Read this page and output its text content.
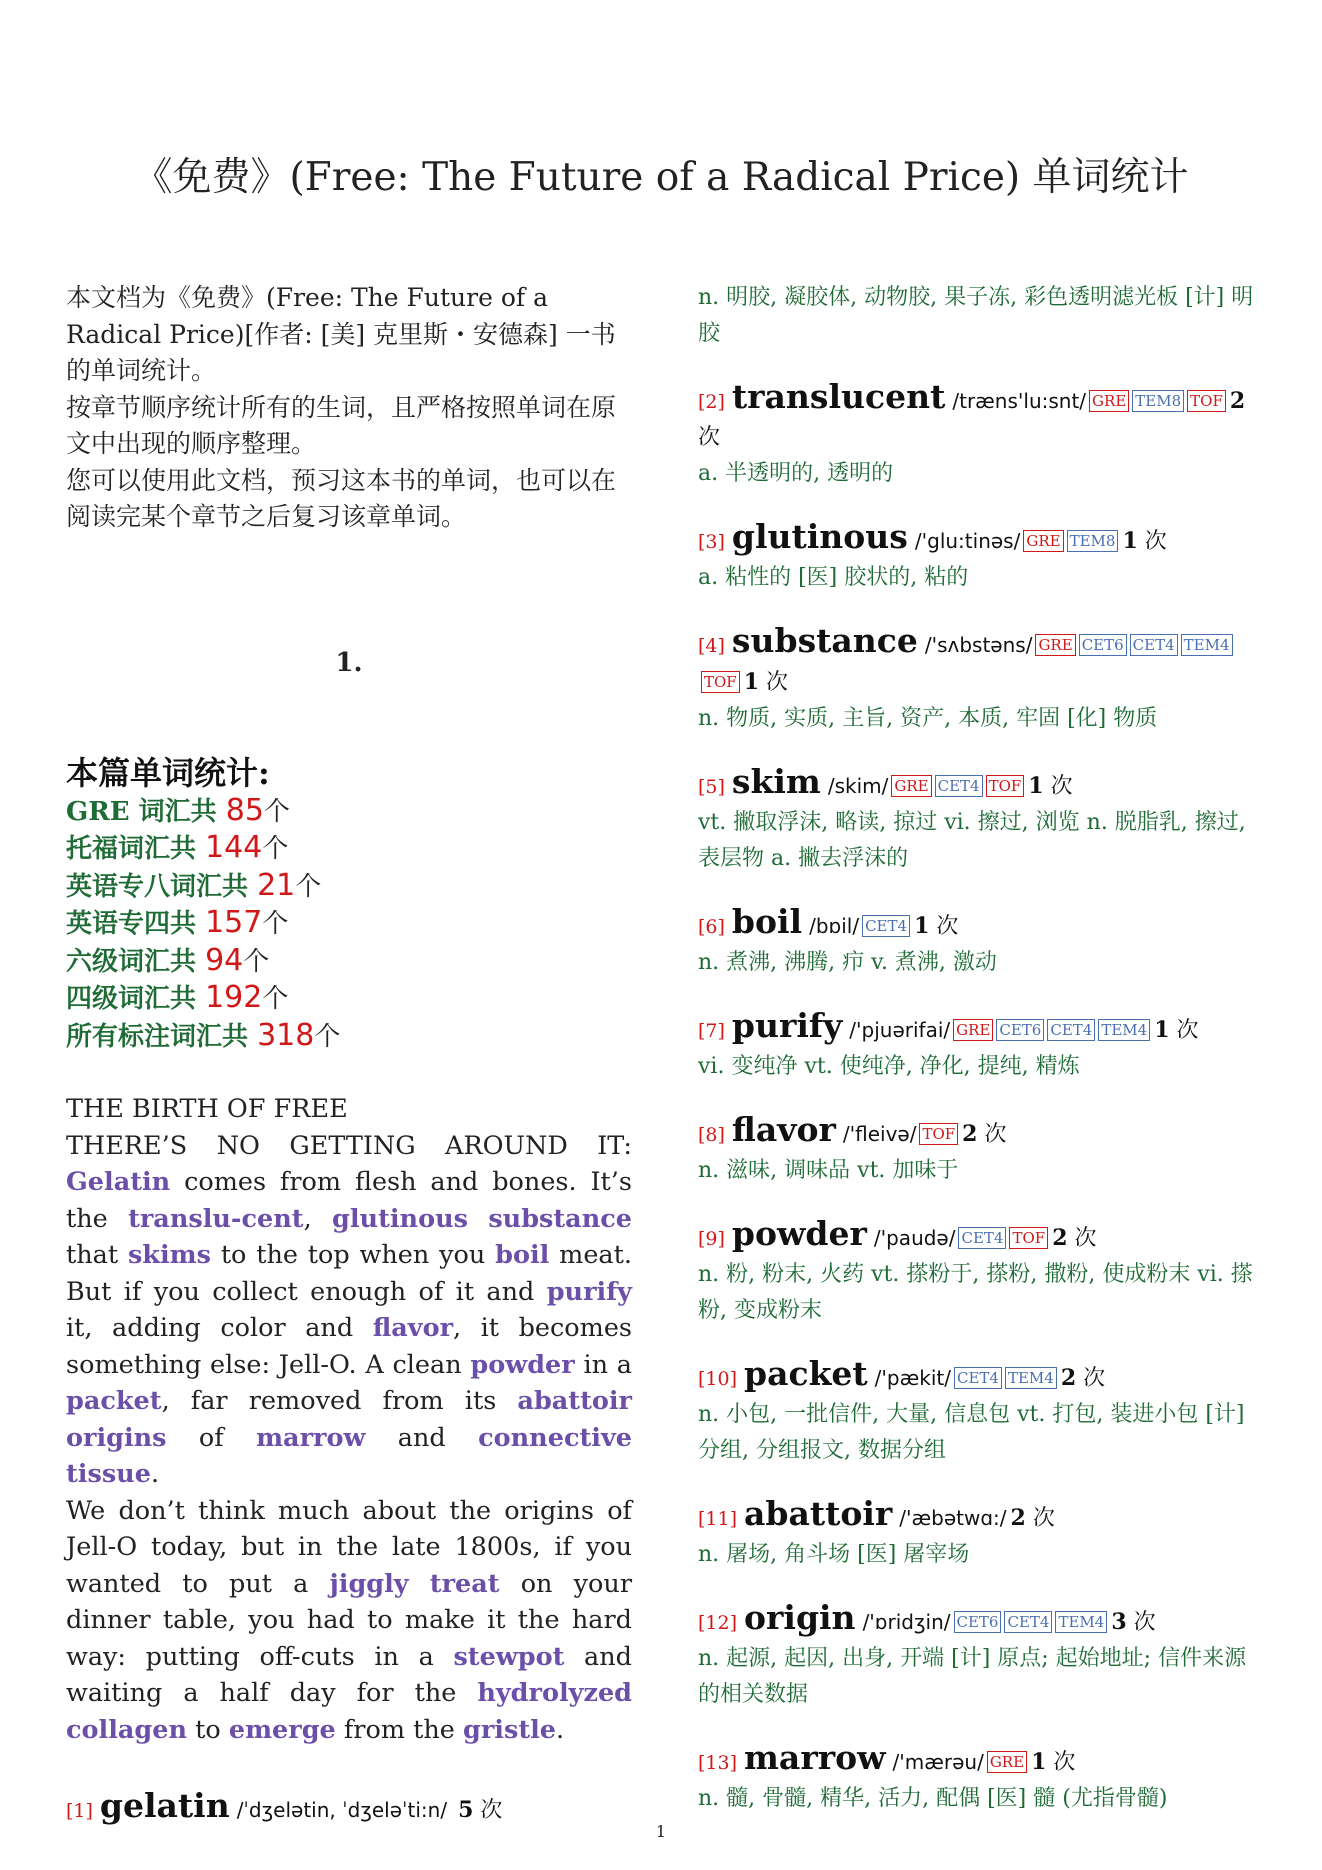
《免费》(Free: The Future of a Radical Price) 单词统计
本文档为《免费》(Free: The Future of a Radical Price)[作者: [美] 克里斯・安德森] 一书的单词统计。
按章节顺序统计所有的生词，且严格按照单词在原文中出现的顺序整理。
您可以使用此文档，预习这本书的单词，也可以在阅读完某个章节之后复习该章单词。
1.
本篇单词统计:
GRE 词汇共 85个
托福词汇共 144个
英语专八词汇共 21个
英语专四共 157个
六级词汇共 94个
四级词汇共 192个
所有标注词汇共 318个
THE BIRTH OF FREE

THERE’S NO GETTING AROUND IT: Gelatin comes from flesh and bones. It’s the translu-cent, glutinous substance that skims to the top when you boil meat. But if you collect enough of it and purify it, adding color and flavor, it becomes something else: Jell-O. A clean powder in a packet, far removed from its abattoir origins of marrow and connective tissue.

We don’t think much about the origins of Jell-O today, but in the late 1800s, if you wanted to put a jiggly treat on your dinner table, you had to make it the hard way: putting off-cuts in a stewpot and waiting a half day for the hydrolyzed collagen to emerge from the gristle.

[1] gelatin /ˈdʒelətin, ˈdʒeləˈti:n/ 5 次
n. 明胶, 凝胶体, 动物胶, 果子冻, 彩色透明滤光板 [计] 明胶
[2] translucent /træns'lu:snt/ GRE TEM8 TOF 2 次
a. 半透明的, 透明的
[3] glutinous /'glu:tinəs/ GRE TEM8 1 次
a. 粘性的 [医] 胶状的, 粘的
[4] substance /'sʌbstəns/ GRE CET6 CET4 TEM4TOF 1 次
n. 物质, 实质, 主旨, 资产, 本质, 牢固 [化] 物质
[5] skim /skim/ GRE CET4 TOF 1 次
vt. 撇取浮沫, 略读, 掠过 vi. 擦过, 浏览 n. 脱脂乳, 擦过, 表层物 a. 撇去浮沫的
[6] boil /bɒil/ CET4 1 次
n. 煮沸, 沸腾, 疖 v. 煮沸, 激动
[7] purify /'pjuərifai/ GRE CET6 CET4 TEM4 1 次
vi. 变纯净 vt. 使纯净, 净化, 提纯, 精炼
[8] flavor /'fleivə/ TOF 2 次
n. 滋味, 调味品 vt. 加味于
[9] powder /'paudə/ CET4 TOF 2 次
n. 粉, 粉末, 火药 vt. 搽粉于, 搽粉, 撒粉, 使成粉末 vi. 搽粉, 变成粉末
[10] packet /'pækit/ CET4 TEM4 2 次
n. 小包, 一批信件, 大量, 信息包 vt. 打包, 装进小包 [计] 分组, 分组报文, 数据分组
[11] abattoir /'æbətwɑ:/ 2 次
n. 屠场, 角斗场 [医] 屠宰场
[12] origin /'ɒridʒin/ CET6 CET4 TEM4 3 次
n. 起源, 起因, 出身, 开端 [计] 原点; 起始地址; 信件来源的相关数据
[13] marrow /'mærəu/ GRE 1 次
n. 髓, 骨髓, 精华, 活力, 配偶 [医] 髓 (尤指骨髓)
1
